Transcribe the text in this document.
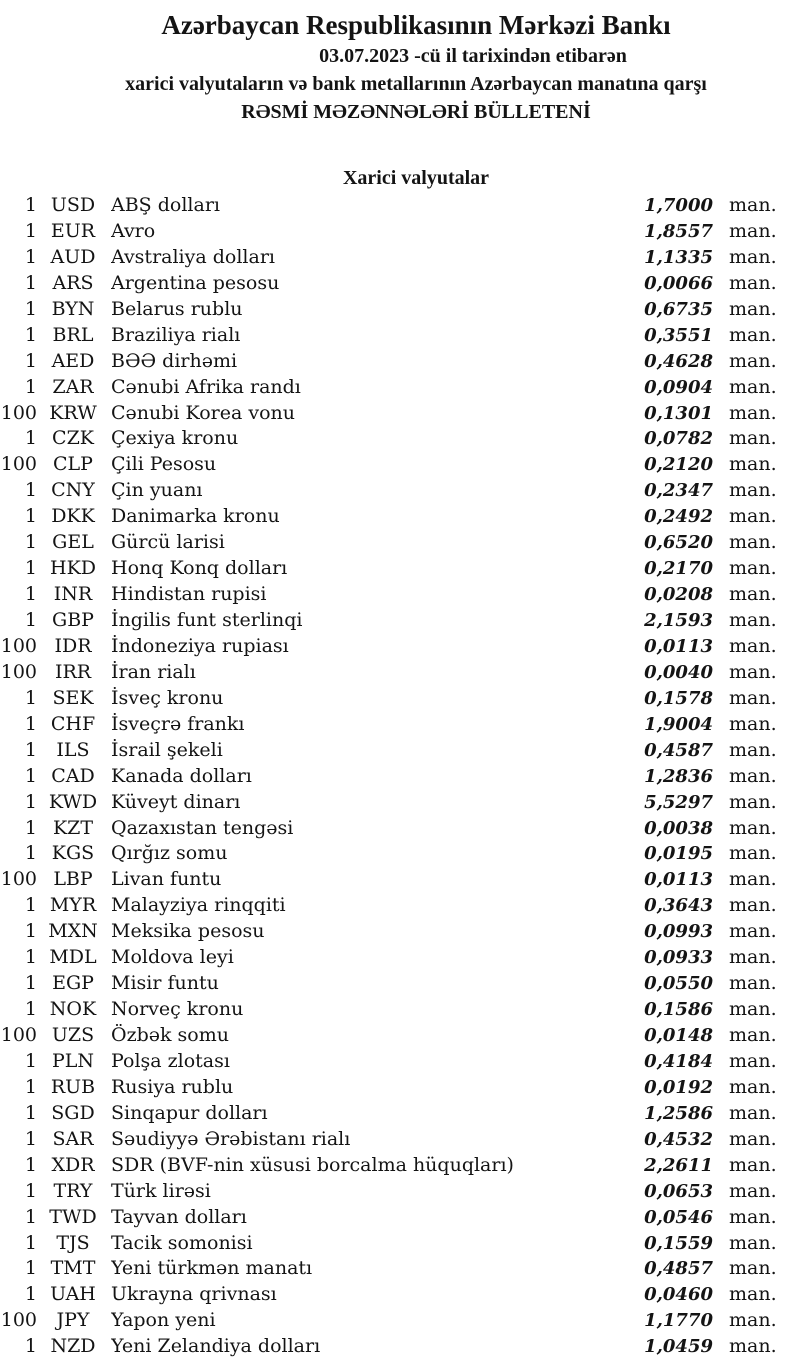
Azərbaycan Respublikasının Mərkəzi Bankı
03.07.2023 -cü il tarixindən etibarən
xarici valyutaların və bank metallarının Azərbaycan manatına qarşı
RƏSMİ MƏZƏNNƏLƏRİ BÜLLETENİ
Xarici valyutalar
1 USD ABŞ dolları	1,7000 man.
1 EUR Avro	1,8557 man.
1 AUD Avstraliya dolları	1,1335 man.
1 ARS Argentina pesosu	0,0066 man.
1 BYN Belarus rublu	0,6735 man.
1 BRL Braziliya rialı	0,3551 man.
1 AED BƏƏ dirhəmi	0,4628 man.
1 ZAR Cənubi Afrika randı	0,0904 man.
100 KRW Cənubi Korea vonu	0,1301 man.
1 CZK Çexiya kronu	0,0782 man.
100 CLP Çili Pesosu	0,2120 man.
1 CNY Çin yuanı	0,2347 man.
1 DKK Danimarka kronu	0,2492 man.
1 GEL Gürcü larisi	0,6520 man.
1 HKD Honq Konq dolları	0,2170 man.
1 INR Hindistan rupisi	0,0208 man.
1 GBP İngilis funt sterlinqi	2,1593 man.
100 IDR	İndoneziya rupiası	0,0113 man.
100 IRR	İran rialı	0,0040 man.
1 SEK İsveç kronu	0,1578 man.
1 CHF İsveçrə frankı	1,9004 man.
1	ILS	İsrail şekeli	0,4587 man.
1 CAD Kanada dolları	1,2836 man.
1 KWD Küveyt dinarı	5,5297 man.
1 KZT Qazaxıstan tengəsi	0,0038 man.
1 KGS Qırğız somu	0,0195 man.
100 LBP Livan funtu	0,0113 man.
1 MYR Malayziya rinqqiti	0,3643 man.
1 MXN Meksika pesosu	0,0993 man.
1 MDL Moldova leyi	0,0933 man.
1 EGP Misir funtu	0,0550 man.
1 NOK Norveç kronu	0,1586 man.
100 UZS Özbək somu	0,0148 man.
1 PLN Polşa zlotası	0,4184 man.
1 RUB Rusiya rublu	0,0192 man.
1 SGD Sinqapur dolları	1,2586 man.
1 SAR Səudiyyə Ərəbistanı rialı	0,4532 man.
1 XDR SDR (BVF-nin xüsusi borcalma hüquqları)	2,2611 man.
1 TRY Türk lirəsi	0,0653 man.
1 TWD Tayvan dolları	0,0546 man.
1	TJS	Tacik somonisi	0,1559 man.
1 TMT Yeni türkmən manatı	0,4857 man.
1 UAH Ukrayna qrivnası	0,0460 man.
100	JPY	Yapon yeni	1,1770 man.
1 NZD Yeni Zelandiya dolları	1,0459 man.
